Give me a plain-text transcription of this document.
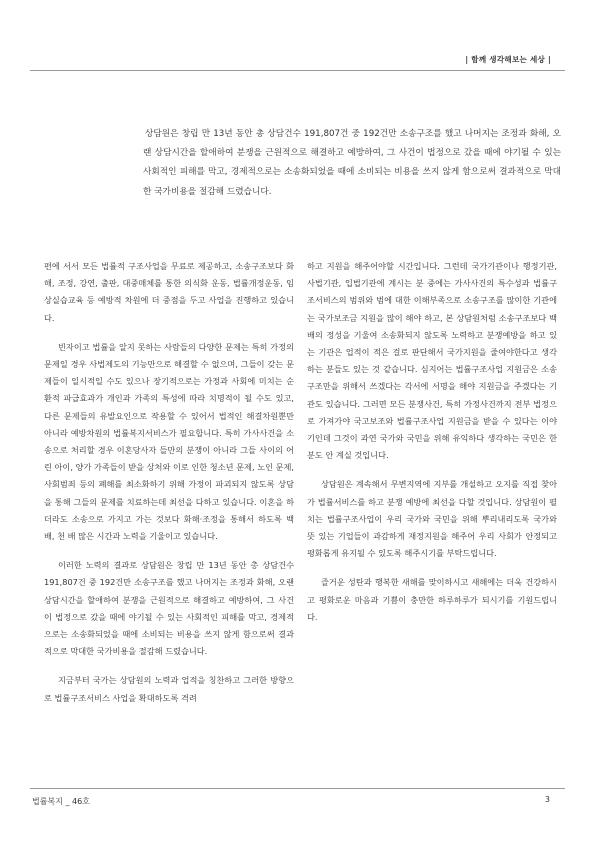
| 함께 생각해보는 세상 |

상담원은 창립 만 13년 동안 총 상담건수 191,807건 중 192건만 소송구조를 했고 나머지는 조정과 화해, 오랜 상담시간을 할애하여 분쟁을 근원적으로 해결하고 예방하여, 그 사건이 법정으로 갔을 때에 야기될 수 있는 사회적인 피해를 막고, 경제적으로는 소송화되었을 때에 소비되는 비용을 쓰지 않게 함으로써 결과적으로 막대한 국가비용을 절감해 드렸습니다.

편에 서서 모든 법률적 구조사업을 무료로 제공하고, 소송구조보다 화해, 조정, 강연, 출판, 대중매체를 통한 의식화 운동, 법률개정운동, 임상실습교육 등 예방적 차원에 더 중점을 두고 사업을 진행하고 있습니다.

빈자이고 법률을 알지 못하는 사람들의 다양한 문제는 특히 가정의 문제일 경우 사법제도의 기능만으로 해결할 수 없으며, 그들이 갖는 문제들이 일시적일 수도 있으나 장기적으로는 가정과 사회에 미치는 순환적 파급효과가 개인과 가족의 특성에 따라 치명적이 될 수도 있고, 다른 문제들의 유발요인으로 작용할 수 있어서 법적인 해결차원뿐만 아니라 예방차원의 법률복지서비스가 필요합니다. 특히 가사사건을 소송으로 처리할 경우 이혼당사자 들만의 분쟁이 아니라 그들 사이의 어린 아이, 양가 가족들이 받을 상처와 이로 인한 청소년 문제, 노인 문제, 사회범죄 등의 폐해를 최소화하기 위해 가정이 파괴되지 않도록 상담을 통해 그들의 문제를 치료하는데 최선을 다하고 있습니다. 이혼을 하더라도 소송으로 가지고 가는 것보다 화해·조정을 통해서 하도록 백 배, 천 배 많은 시간과 노력을 기울이고 있습니다.

이러한 노력의 결과로 상담원은 창립 만 13년 동안 총 상담건수 191,807건 중 192건만 소송구조를 했고 나머지는 조정과 화해, 오랜 상담시간을 할애하여 분쟁을 근원적으로 해결하고 예방하여, 그 사건이 법정으로 갔을 때에 야기될 수 있는 사회적인 피해를 막고, 경제적으로는 소송화되었을 때에 소비되는 비용을 쓰지 않게 함으로써 결과적으로 막대한 국가비용을 절감해 드렸습니다.

지금부터 국가는 상담원의 노력과 업적을 칭찬하고 그러한 방향으로 법률구조서비스 사업을 확대하도록 격려

하고 지원을 해주어야할 시간입니다. 그런데 국가기관이나 행정기관, 사법기관, 입법기관에 계시는 분 중에는 가사사건의 특수성과 법률구조서비스의 범위와 범에 대한 이해부족으로 소송구조를 많이한 기관에는 국가보조금 지원을 많이 해야 하고, 본 상담원처럼 소송구조보다 백배의 정성을 기울여 소송화되지 않도록 노력하고 분쟁예방을 하고 있는 기관은 업적이 적은 걸로 판단해서 국가지원을 줄여야한다고 생각하는 분들도 있는 것 같습니다. 심지어는 법률구조사업 지원금은 소송구조만을 위해서 쓰겠다는 각서에 서명을 해야 지원금을 주겠다는 기관도 있습니다. 그러면 모든 분쟁사건, 특히 가정사건까지 전부 법정으로 가져가야 국고보조와 법률구조사업 지원금을 받을 수 있다는 이야기인데 그것이 과연 국가와 국민을 위해 유익하다 생각하는 국민은 한 분도 안 계실 것입니다.

상담원은 계속해서 무변지역에 지부를 개설하고 오지를 직접 찾아가 법률서비스를 하고 분쟁 예방에 최선을 다할 것입니다. 상담원이 펼치는 법률구조사업이 우리 국가와 국민을 위해 뿌리내리도록 국가와 뜻 있는 기업들이 과감하게 재정지원을 해주어 우리 사회가 안정되고 평화롭게 유지될 수 있도록 해주시기를 부탁드립니다.

즐거운 성탄과 행복한 새해를 맞이하시고 새해에는 더욱 건강하시고 평화로운 마음과 기쁨이 충만한 하루하루가 되시기를 기원드립니다.

법률복지 _ 46호	3
